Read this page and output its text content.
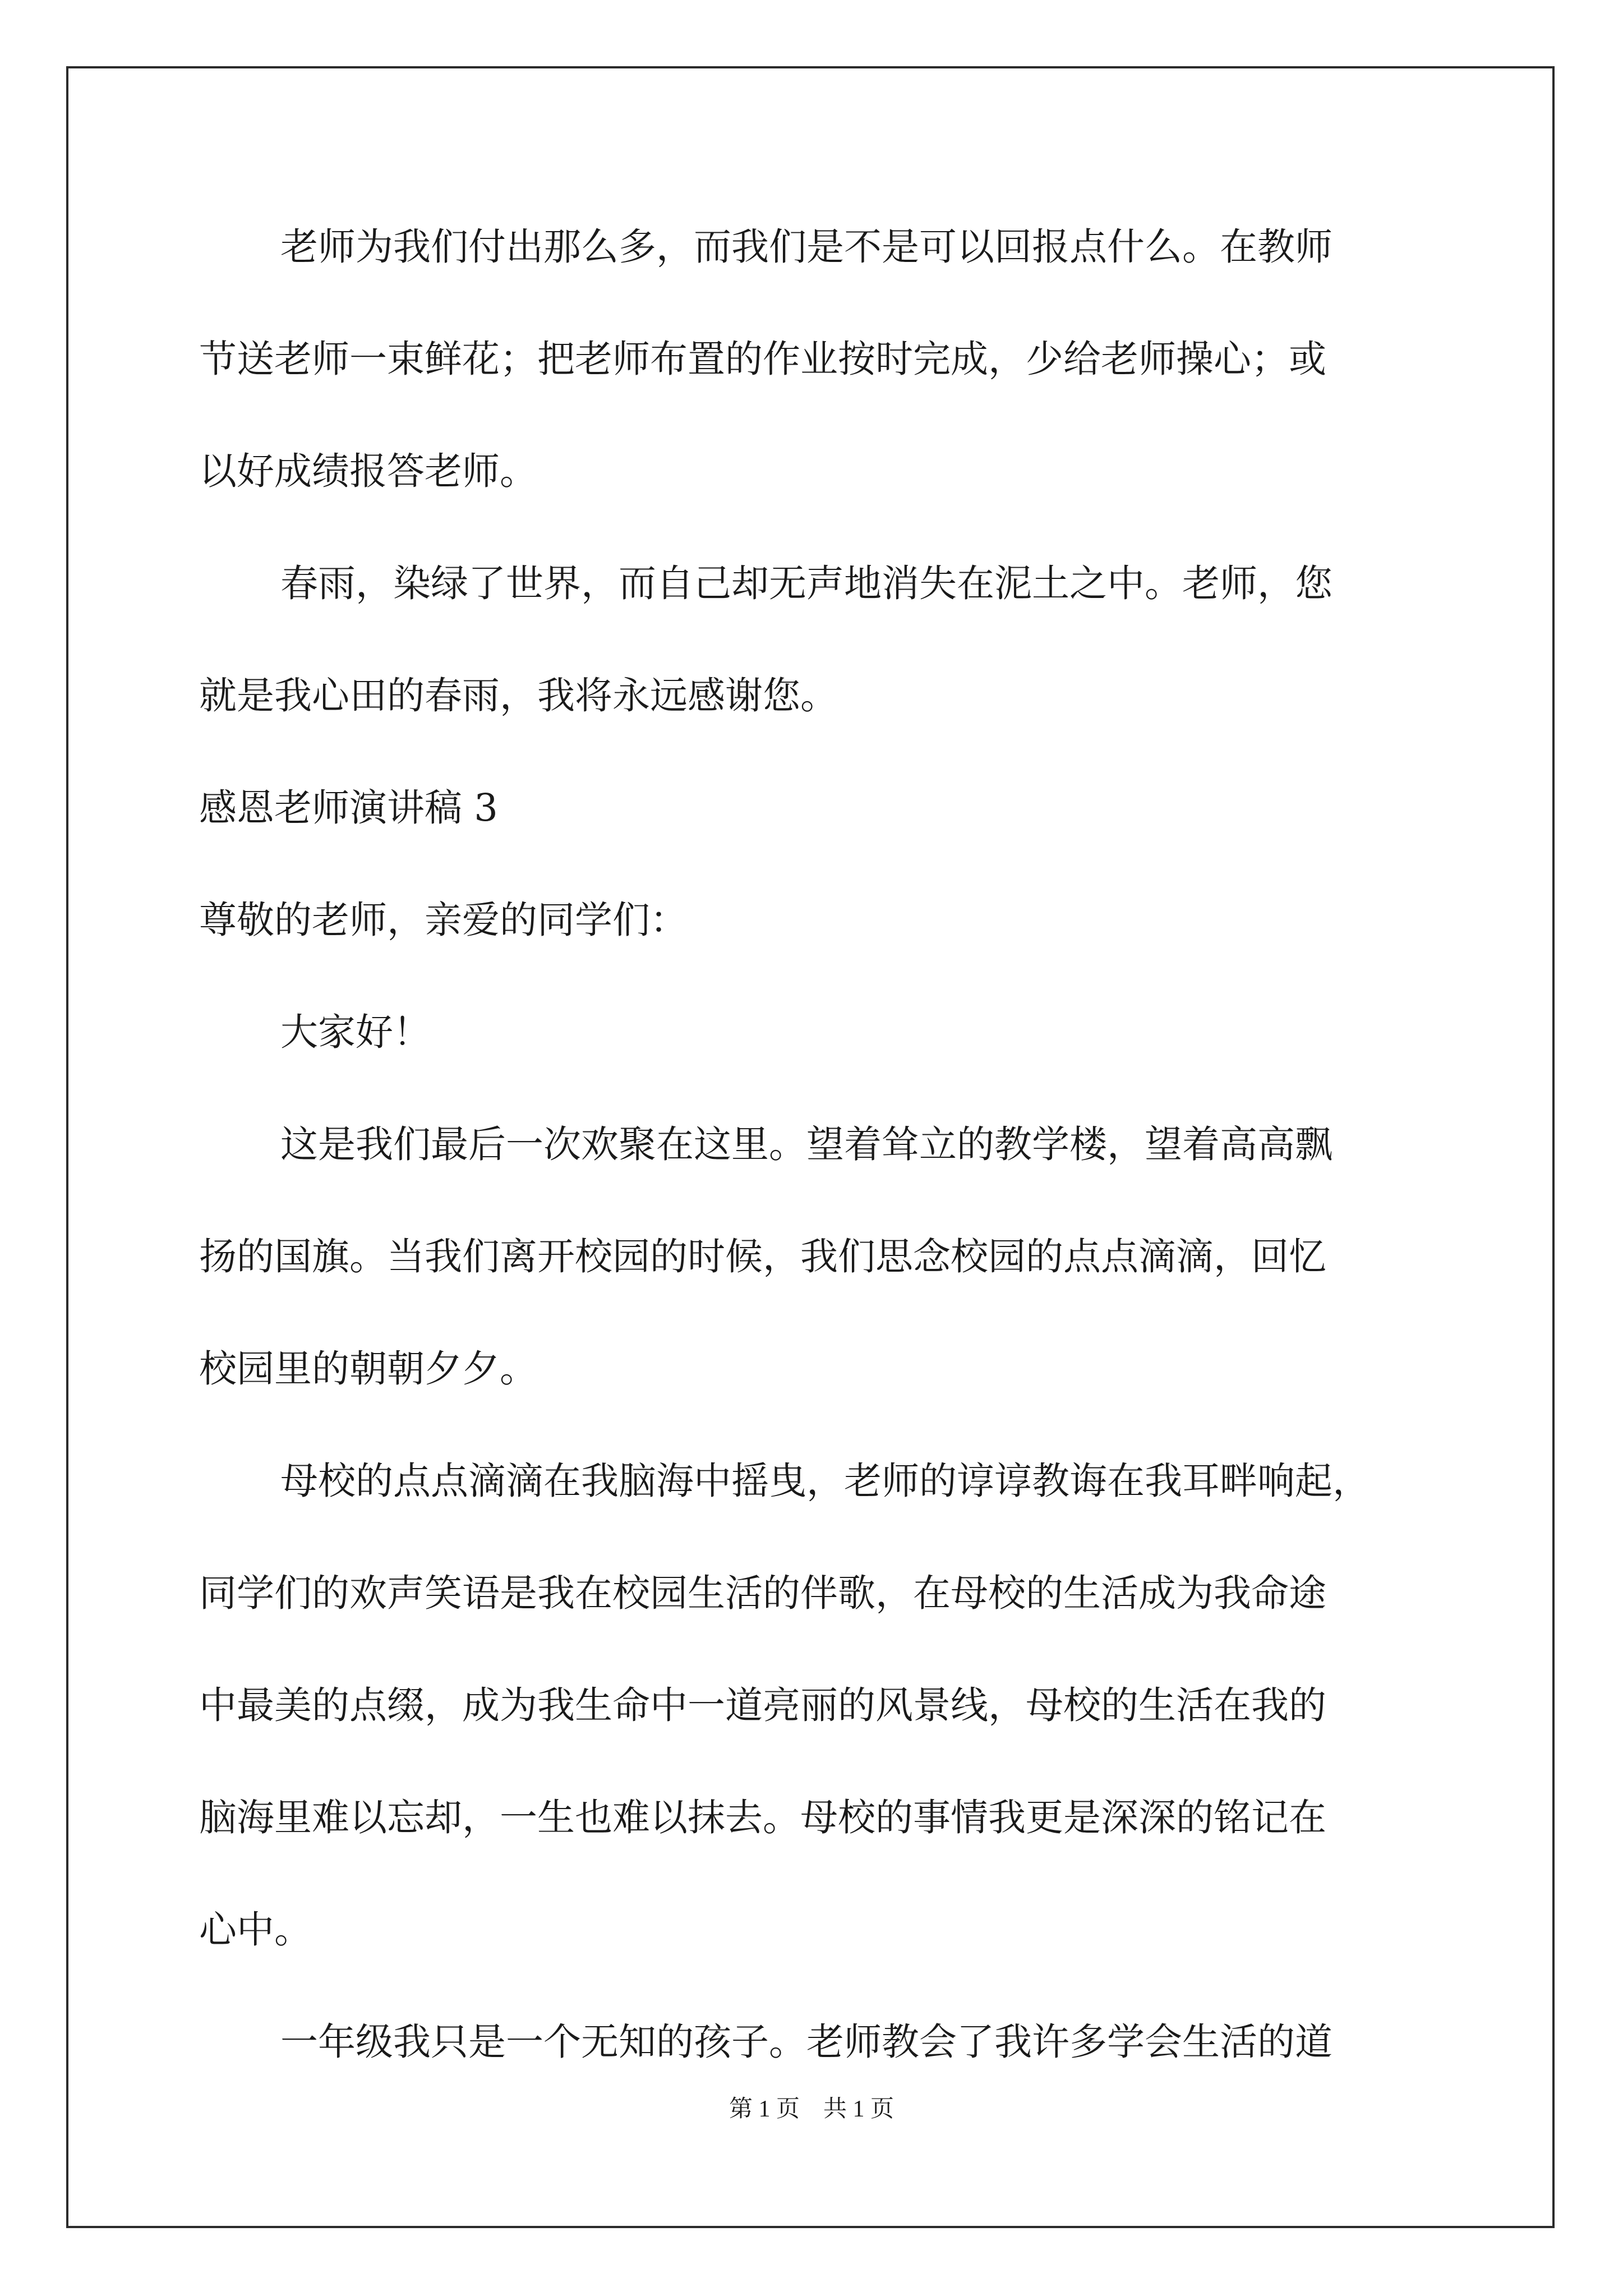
老师为我们付出那么多，而我们是不是可以回报点什么。在教师
节送老师一束鲜花；把老师布置的作业按时完成，少给老师操心；或
以好成绩报答老师。
春雨，染绿了世界，而自己却无声地消失在泥土之中。老师，您
就是我心田的春雨，我将永远感谢您。
感恩老师演讲稿 3
尊敬的老师，亲爱的同学们：
大家好！
这是我们最后一次欢聚在这里。望着耸立的教学楼，望着高高飘
扬的国旗。当我们离开校园的时候，我们思念校园的点点滴滴，回忆
校园里的朝朝夕夕。
母校的点点滴滴在我脑海中摇曳，老师的谆谆教诲在我耳畔响起，
同学们的欢声笑语是我在校园生活的伴歌，在母校的生活成为我命途
中最美的点缀，成为我生命中一道亮丽的风景线，母校的生活在我的
脑海里难以忘却，一生也难以抹去。母校的事情我更是深深的铭记在
心中。
一年级我只是一个无知的孩子。老师教会了我许多学会生活的道
第 1 页　共 1 页
